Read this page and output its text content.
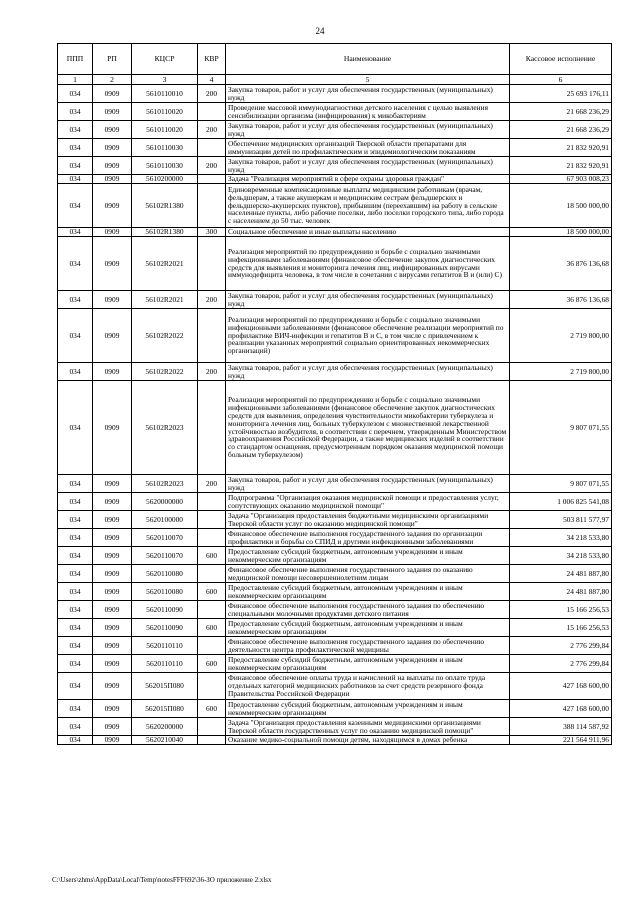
24
ППП	РП	КЦСР	КВР	Наименование	Кассовое исполнение
1	2	3	4	5	6
034	0909	5610110010	200	Закупка товаров, работ и услуг для обеспечения государственных (муниципальных) нужд	25 693 176,11
034	0909	5610110020		Проведение массовой иммунодиагностики детского населения с целью выявления сенсибилизации организма (инфицирования) к микобактериям	21 668 236,29
034	0909	5610110020	200	Закупка товаров, работ и услуг для обеспечения государственных (муниципальных) нужд	21 668 236,29
034	0909	5610110030		Обеспечение медицинских организаций Тверской области препаратами для иммунизации детей по профилактическим и эпидемиологическим показаниям	21 832 920,91
034	0909	5610110030	200	Закупка товаров, работ и услуг для обеспечения государственных (муниципальных) нужд	21 832 920,91
034	0909	5610200000		Задача "Реализация мероприятий в сфере охраны здоровья граждан"	67 903 008,23
034	0909	56102R1380		Единовременные компенсационные выплаты медицинским работникам (врачам, фельдшерам, а также акушеркам и медицинским сестрам фельдшерских и фельдшерско-акушерских пунктов), прибывшим (переехавшим) на работу в сельские населенные пункты, либо рабочие поселки, либо поселки городского типа, либо города с населением до 50 тыс. человек	18 500 000,00
034	0909	56102R1380	300	Социальное обеспечение и иные выплаты населению	18 500 000,00
034	0909	56102R2021		Реализация мероприятий по предупреждению и борьбе с социально значимыми инфекционными заболеваниями (финансовое обеспечение закупок диагностических средств для выявления и мониторинга лечения лиц, инфицированных вирусами иммунодефицита человека, в том числе в сочетании с вирусами гепатитов В и (или) С)	36 876 136,68
034	0909	56102R2021	200	Закупка товаров, работ и услуг для обеспечения государственных (муниципальных) нужд	36 876 136,68
034	0909	56102R2022		Реализация мероприятий по предупреждению и борьбе с социально значимыми инфекционными заболеваниями (финансовое обеспечение реализации мероприятий по профилактике ВИЧ-инфекции и гепатитов В и С, в том числе с привлечением к реализации указанных мероприятий социально ориентированных некоммерческих организаций)	2 719 800,00
034	0909	56102R2022	200	Закупка товаров, работ и услуг для обеспечения государственных (муниципальных) нужд	2 719 800,00
034	0909	56102R2023		Реализация мероприятий по предупреждению и борьбе с социально значимыми инфекционными заболеваниями (финансовое обеспечение закупок диагностических средств для выявления, определения чувствительности микобактерии туберкулеза и мониторинга лечения лиц, больных туберкулезом с множественной лекарственной устойчивостью возбудителя, в соответствии с перечнем, утвержденным Министерством здравоохранения Российской Федерации, а также медицинских изделий в соответствии со стандартом оснащения, предусмотренным порядком оказания медицинской помощи больным туберкулезом)	9 807 071,55
034	0909	56102R2023	200	Закупка товаров, работ и услуг для обеспечения государственных (муниципальных) нужд	9 807 071,55
034	0909	5620000000		Подпрограмма "Организация оказания медицинской помощи и предоставления услуг, сопутствующих оказанию медицинской помощи"	1 006 825 541,08
034	0909	5620100000		Задача "Организация предоставления бюджетными медицинскими организациями Тверской области услуг по оказанию медицинской помощи"	503 811 577,97
034	0909	5620110070		Финансовое обеспечение выполнения государственного задания по организации профилактики и борьбы со СПИД и другими инфекционными заболеваниями	34 218 533,80
034	0909	5620110070	600	Предоставление субсидий бюджетным, автономным учреждениям и иным некоммерческим организациям	34 218 533,80
034	0909	5620110080		Финансовое обеспечение выполнения государственного задания по оказанию медицинской помощи несовершеннолетним лицам	24 481 887,80
034	0909	5620110080	600	Предоставление субсидий бюджетным, автономным учреждениям и иным некоммерческим организациям	24 481 887,80
034	0909	5620110090		Финансовое обеспечение выполнения государственного задания по обеспечению специальными молочными продуктами детского питания	15 166 256,53
034	0909	5620110090	600	Предоставление субсидий бюджетным, автономным учреждениям и иным некоммерческим организациям	15 166 256,53
034	0909	5620110110		Финансовое обеспечение выполнения государственного задания по обеспечению деятельности центра профилактической медицины	2 776 299,84
034	0909	5620110110	600	Предоставление субсидий бюджетным, автономным учреждениям и иным некоммерческим организациям	2 776 299,84
034	0909	562015П080		Финансовое обеспечение оплаты труда и начислений на выплаты по оплате труда отдельных категорий медицинских работников за счет средств резервного фонда Правительства Российской Федерации	427 168 600,00
034	0909	562015П080	600	Предоставление субсидий бюджетным, автономным учреждениям и иным некоммерческим организациям	427 168 600,00
034	0909	5620200000		Задача "Организация предоставления казенными медицинскими организациями Тверской области государственных услуг по оказанию медицинской помощи"	388 114 587,92
034	0909	5620210040		Оказание медико-социальной помощи детям, находящимся в домах ребенка	221 564 911,96
C:\Users\zhms\AppData\Local\Temp\notesFFF692\36-ЗО приложение 2.xlsx
